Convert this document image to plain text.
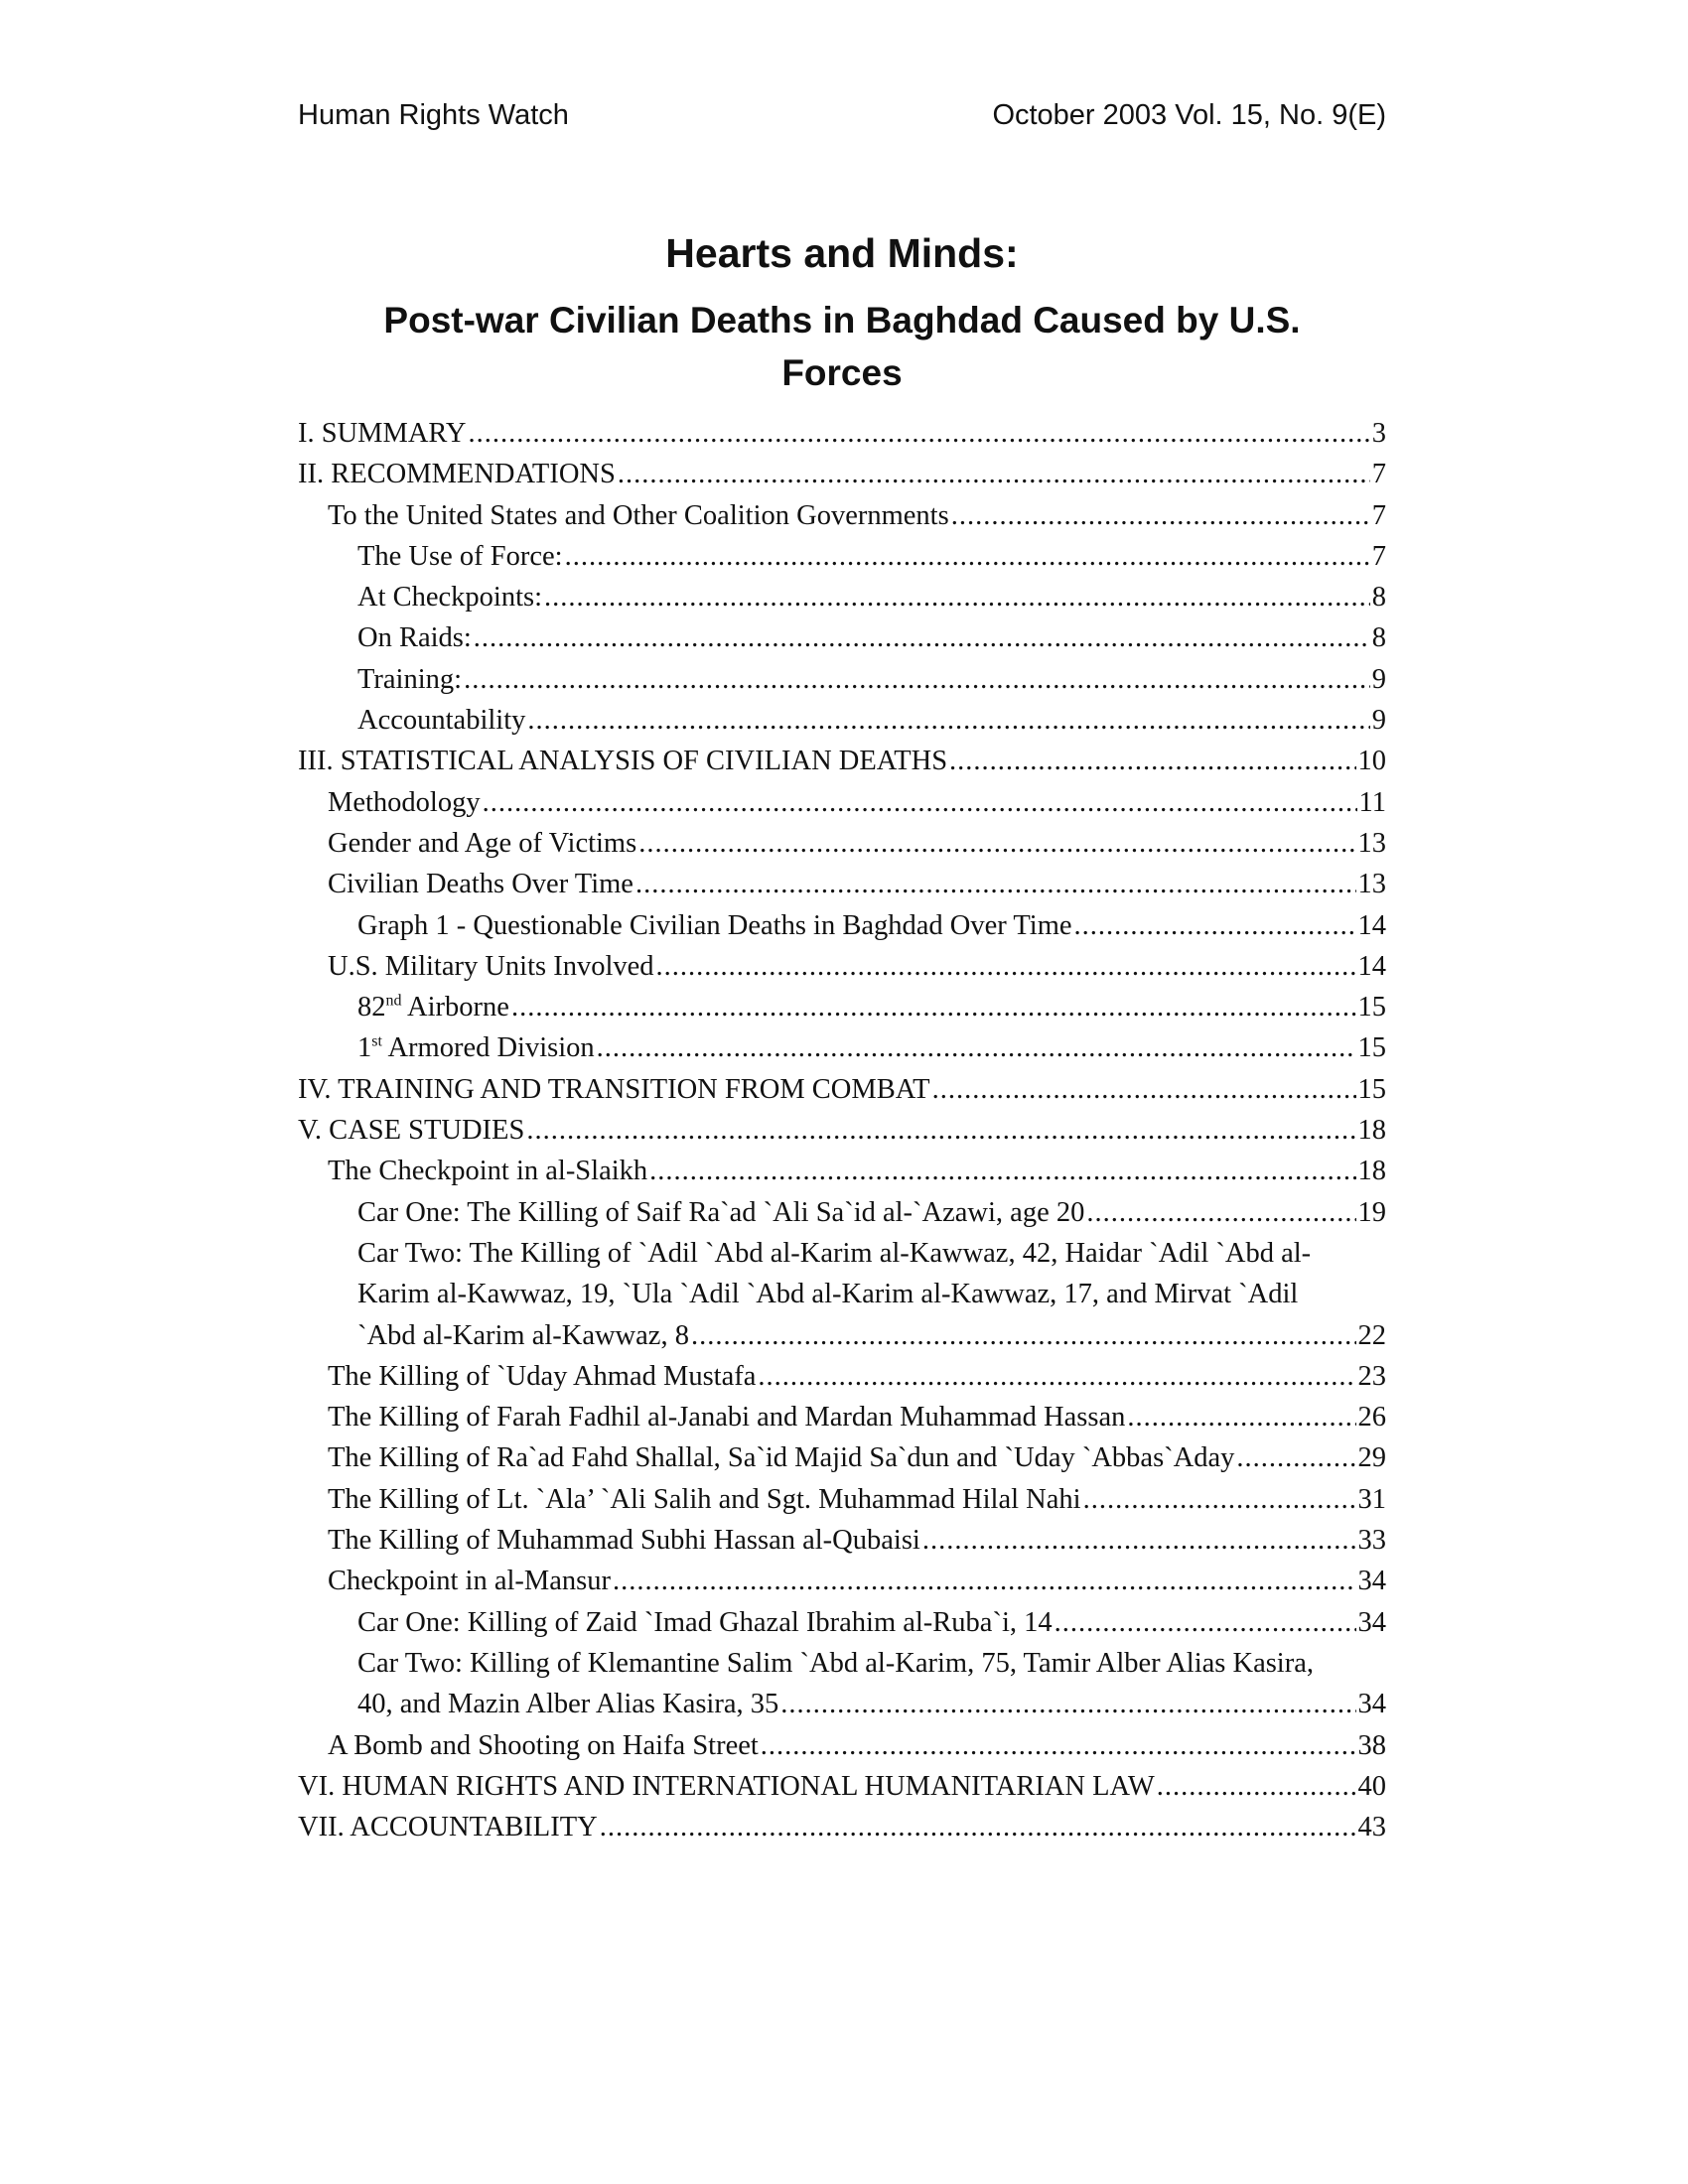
Human Rights Watch	October 2003 Vol. 15, No. 9(E)
Hearts and Minds:
Post-war Civilian Deaths in Baghdad Caused by U.S. Forces
I. SUMMARY .....	3
II. RECOMMENDATIONS .....	7
To the United States and Other Coalition Governments .....	7
The Use of Force: .....	7
At Checkpoints: .....	8
On Raids: .....	8
Training: .....	9
Accountability .....	9
III. STATISTICAL ANALYSIS OF CIVILIAN DEATHS .....	10
Methodology .....	11
Gender and Age of Victims .....	13
Civilian Deaths Over Time .....	13
Graph 1 - Questionable Civilian Deaths in Baghdad Over Time .....	14
U.S. Military Units Involved .....	14
82nd Airborne .....	15
1st Armored Division .....	15
IV. TRAINING AND TRANSITION FROM COMBAT .....	15
V. CASE STUDIES .....	18
The Checkpoint in al-Slaikh .....	18
Car One: The Killing of Saif Ra`ad `Ali Sa`id al-`Azawi, age 20 .....	19
Car Two: The Killing of `Adil `Abd al-Karim al-Kawwaz, 42, Haidar `Adil `Abd al-
Karim al-Kawwaz, 19, `Ula `Adil `Abd al-Karim al-Kawwaz, 17, and Mirvat `Adil
`Abd al-Karim al-Kawwaz, 8 .....	22
The Killing of `Uday Ahmad Mustafa .....	23
The Killing of Farah Fadhil al-Janabi and Mardan Muhammad Hassan .....	26
The Killing of Ra`ad Fahd Shallal, Sa`id Majid Sa`dun and `Uday `Abbas`Aday .....	29
The Killing of Lt. `Ala’ `Ali Salih and Sgt. Muhammad Hilal Nahi .....	31
The Killing of Muhammad Subhi Hassan al-Qubaisi .....	33
Checkpoint in al-Mansur .....	34
Car One: Killing of Zaid `Imad Ghazal Ibrahim al-Ruba`i, 14 .....	34
Car Two: Killing of Klemantine Salim `Abd al-Karim, 75, Tamir Alber Alias Kasira,
40, and Mazin Alber Alias Kasira, 35 .....	34
A Bomb and Shooting on Haifa Street .....	38
VI. HUMAN RIGHTS AND INTERNATIONAL HUMANITARIAN LAW .....	40
VII. ACCOUNTABILITY .....	43
